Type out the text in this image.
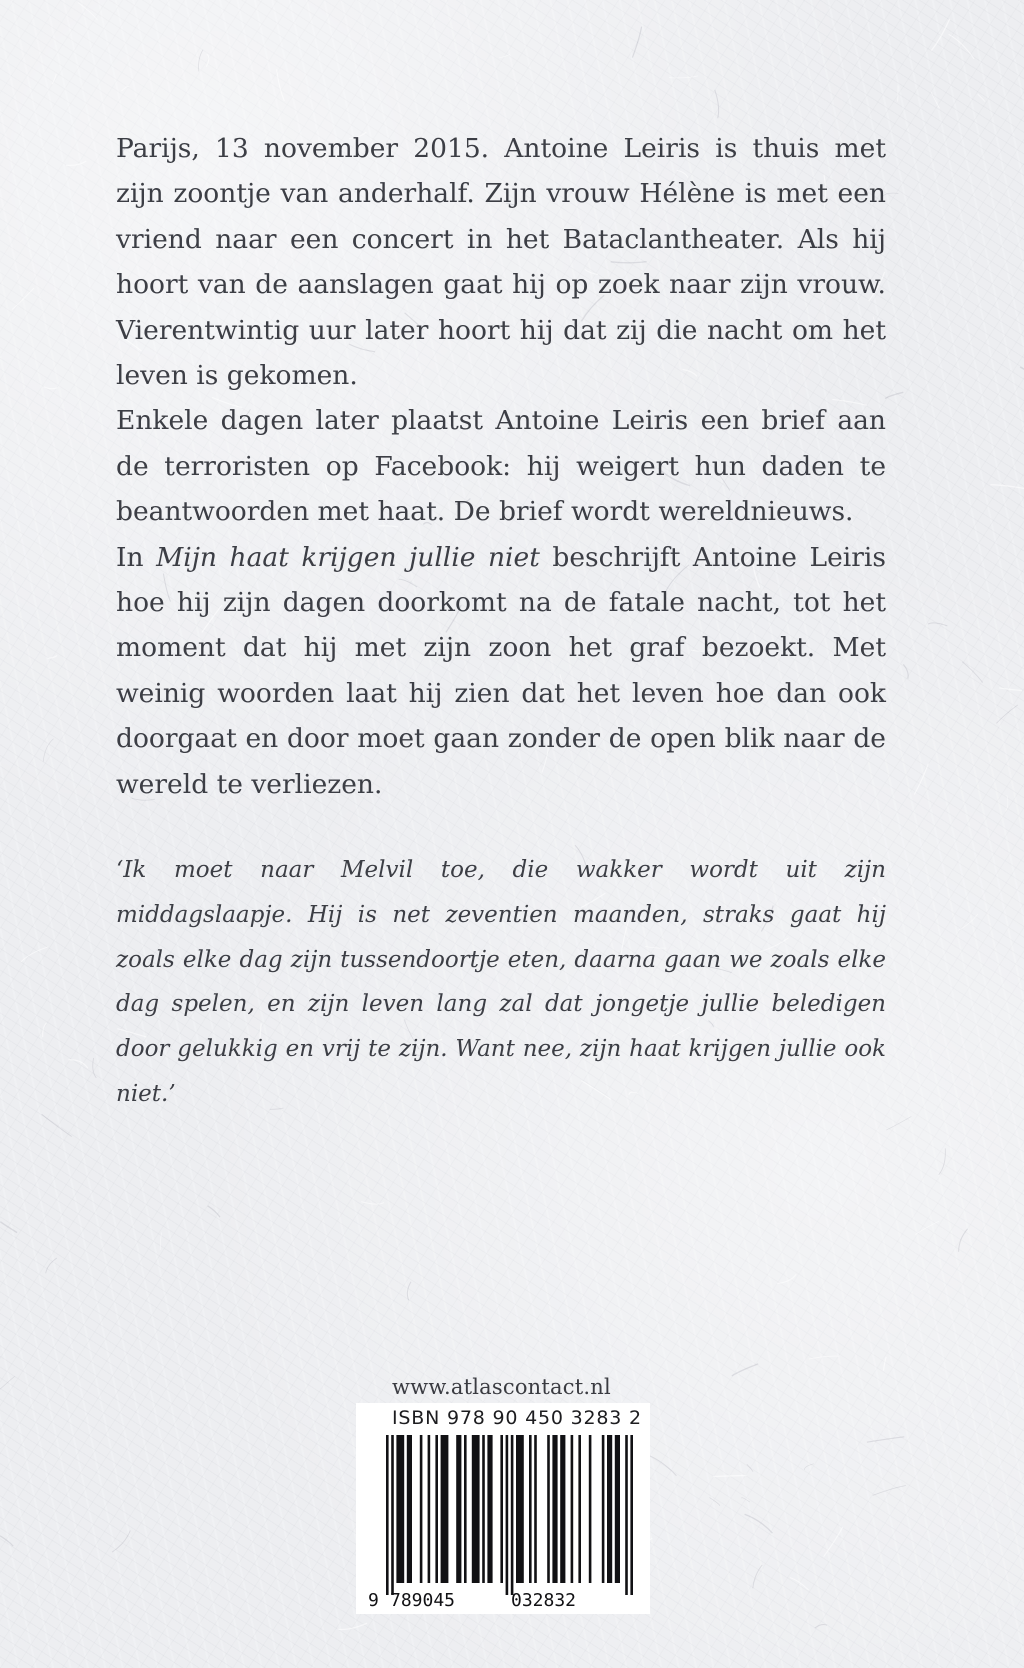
Parijs, 13 november 2015. Antoine Leiris is thuis met zijn zoontje van anderhalf. Zijn vrouw Hélène is met een vriend naar een concert in het Bataclantheater. Als hij hoort van de aanslagen gaat hij op zoek naar zijn vrouw. Vierentwintig uur later hoort hij dat zij die nacht om het leven is gekomen.
Enkele dagen later plaatst Antoine Leiris een brief aan de terroristen op Facebook: hij weigert hun daden te beantwoorden met haat. De brief wordt wereldnieuws.
In Mijn haat krijgen jullie niet beschrijft Antoine Leiris hoe hij zijn dagen doorkomt na de fatale nacht, tot het moment dat hij met zijn zoon het graf bezoekt. Met weinig woorden laat hij zien dat het leven hoe dan ook doorgaat en door moet gaan zonder de open blik naar de wereld te verliezen.

‘Ik moet naar Melvil toe, die wakker wordt uit zijn middagslaapje. Hij is net zeventien maanden, straks gaat hij zoals elke dag zijn tussendoortje eten, daarna gaan we zoals elke dag spelen, en zijn leven lang zal dat jongetje jullie beledigen door gelukkig en vrij te zijn. Want nee, zijn haat krijgen jullie ook niet.’

www.atlascontact.nl
ISBN 978 90 450 3283 2
9 789045	032832
